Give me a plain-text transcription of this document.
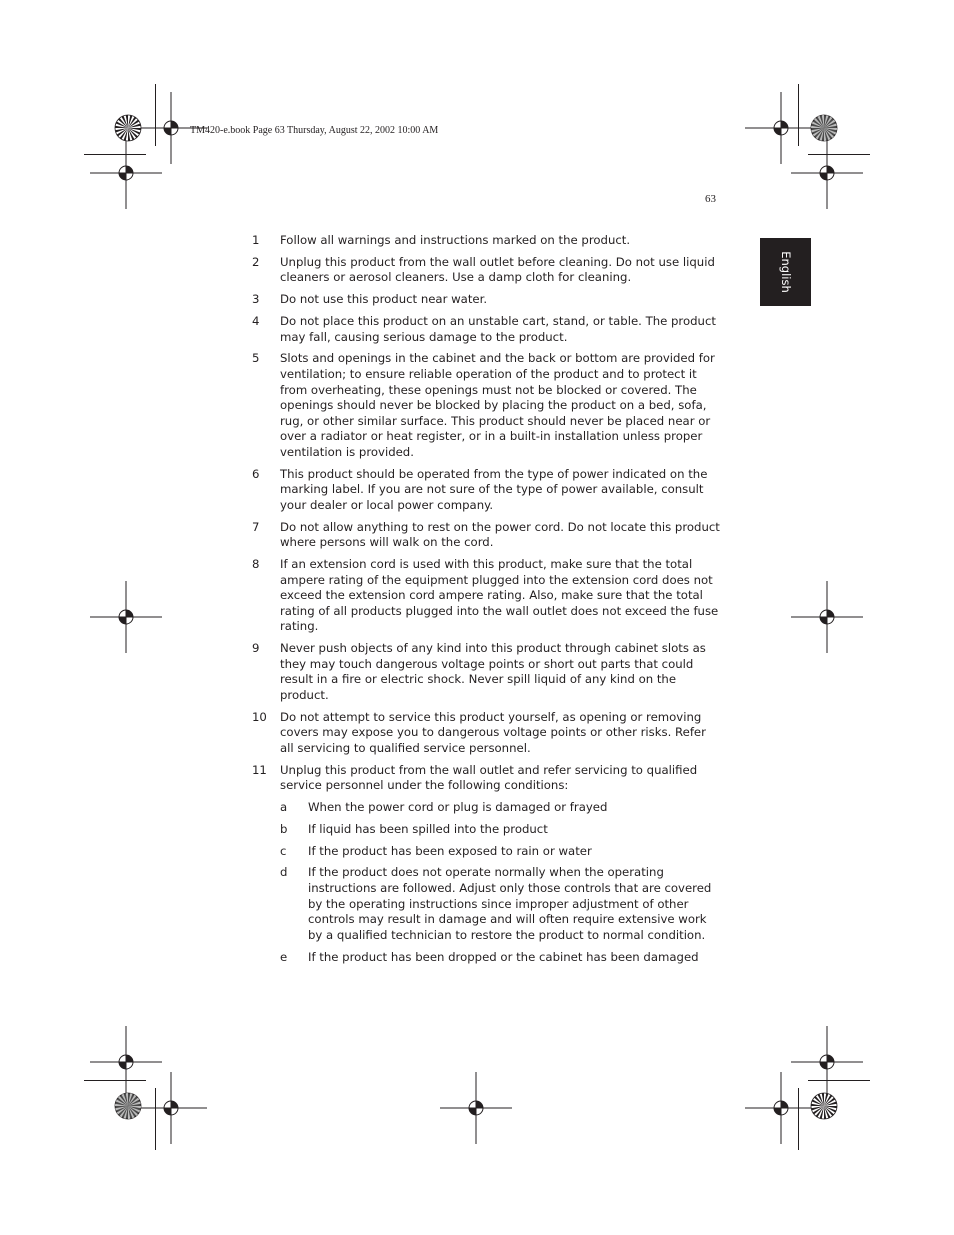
TM420-e.book Page 63 Thursday, August 22, 2002 10:00 AM
63
English
1	Follow all warnings and instructions marked on the product.
2	Unplug this product from the wall outlet before cleaning. Do not use liquid cleaners or aerosol cleaners. Use a damp cloth for cleaning.
3	Do not use this product near water.
4	Do not place this product on an unstable cart, stand, or table. The product may fall, causing serious damage to the product.
5	Slots and openings in the cabinet and the back or bottom are provided for ventilation; to ensure reliable operation of the product and to protect it from overheating, these openings must not be blocked or covered. The openings should never be blocked by placing the product on a bed, sofa, rug, or other similar surface. This product should never be placed near or over a radiator or heat register, or in a built-in installation unless proper ventilation is provided.
6	This product should be operated from the type of power indicated on the marking label. If you are not sure of the type of power available, consult your dealer or local power company.
7	Do not allow anything to rest on the power cord. Do not locate this product where persons will walk on the cord.
8	If an extension cord is used with this product, make sure that the total ampere rating of the equipment plugged into the extension cord does not exceed the extension cord ampere rating. Also, make sure that the total rating of all products plugged into the wall outlet does not exceed the fuse rating.
9	Never push objects of any kind into this product through cabinet slots as they may touch dangerous voltage points or short out parts that could result in a fire or electric shock. Never spill liquid of any kind on the product.
10	Do not attempt to service this product yourself, as opening or removing covers may expose you to dangerous voltage points or other risks. Refer all servicing to qualified service personnel.
11	Unplug this product from the wall outlet and refer servicing to qualified service personnel under the following conditions:
a	When the power cord or plug is damaged or frayed
b	If liquid has been spilled into the product
c	If the product has been exposed to rain or water
d	If the product does not operate normally when the operating instructions are followed. Adjust only those controls that are covered by the operating instructions since improper adjustment of other controls may result in damage and will often require extensive work by a qualified technician to restore the product to normal condition.
e	If the product has been dropped or the cabinet has been damaged
